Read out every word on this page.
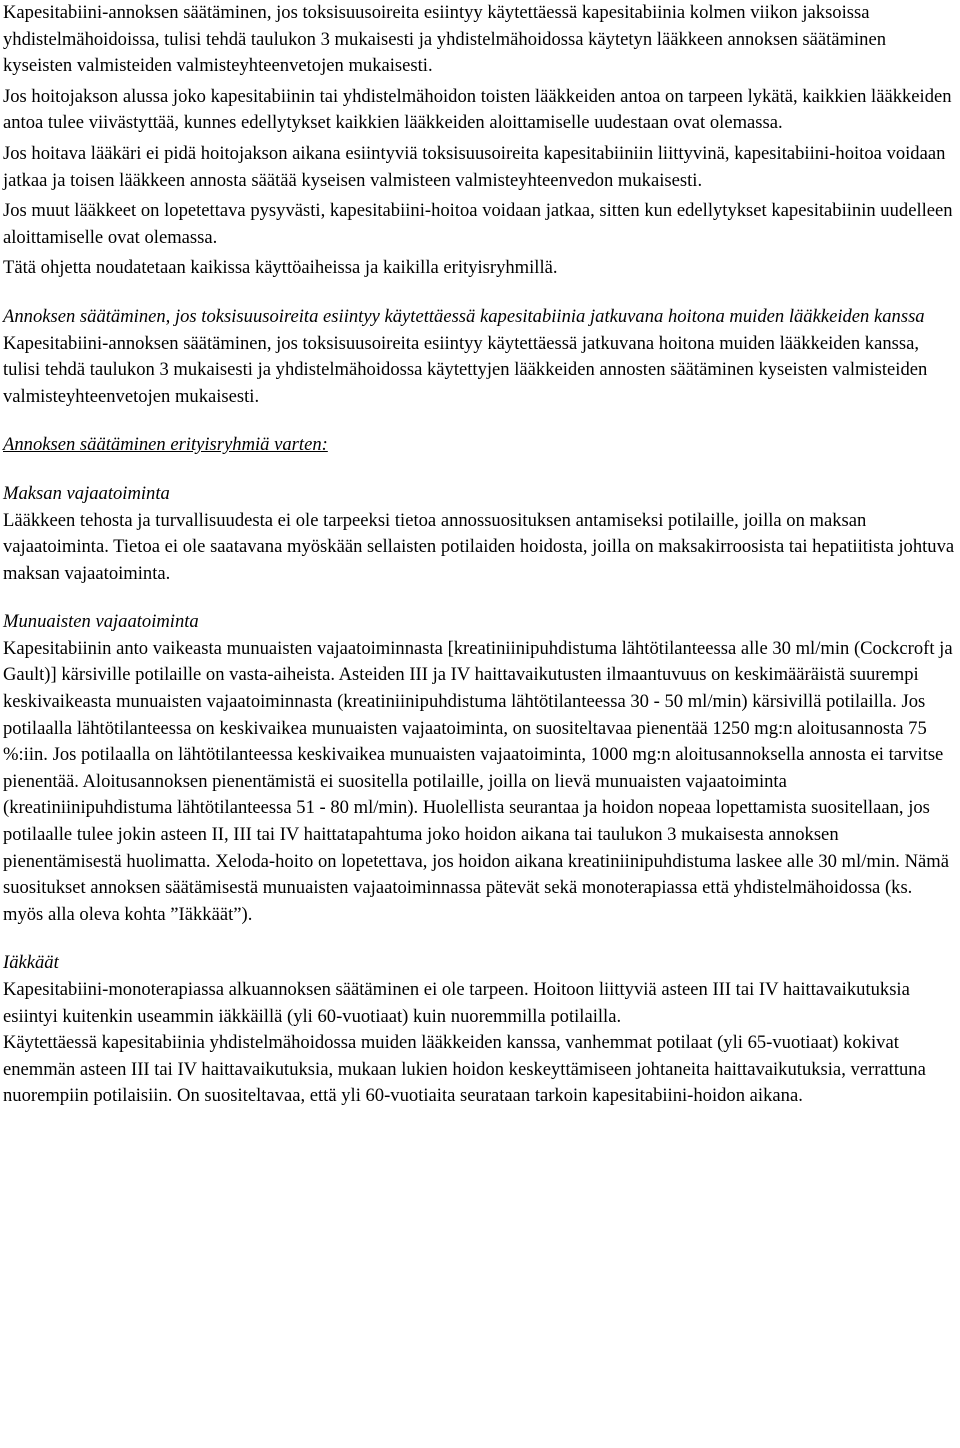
Kapesitabiini-annoksen säätäminen, jos toksisuusoireita esiintyy käytettäessä kapesitabiinia kolmen viikon jaksoissa yhdistelmähoidoissa, tulisi tehdä taulukon 3 mukaisesti ja yhdistelmähoidossa käytetyn lääkkeen annoksen säätäminen kyseisten valmisteiden valmisteyhteenvetojen mukaisesti.

Jos hoitojakson alussa joko kapesitabiinin tai yhdistelmähoidon toisten lääkkeiden antoa on tarpeen lykätä, kaikkien lääkkeiden antoa tulee viivästyttää, kunnes edellytykset kaikkien lääkkeiden aloittamiselle uudestaan ovat olemassa.

Jos hoitava lääkäri ei pidä hoitojakson aikana esiintyviä toksisuusoireita kapesitabiiniin liittyvinä, kapesitabiini-hoitoa voidaan jatkaa ja toisen lääkkeen annosta säätää kyseisen valmisteen valmisteyhteenvedon mukaisesti.

Jos muut lääkkeet on lopetettava pysyvästi, kapesitabiini-hoitoa voidaan jatkaa, sitten kun edellytykset kapesitabiinin uudelleen aloittamiselle ovat olemassa.

Tätä ohjetta noudatetaan kaikissa käyttöaiheissa ja kaikilla erityisryhmillä.

Annoksen säätäminen, jos toksisuusoireita esiintyy käytettäessä kapesitabiinia jatkuvana hoitona muiden lääkkeiden kanssa

Kapesitabiini-annoksen säätäminen, jos toksisuusoireita esiintyy käytettäessä jatkuvana hoitona muiden lääkkeiden kanssa, tulisi tehdä taulukon 3 mukaisesti ja yhdistelmähoidossa käytettyjen lääkkeiden annosten säätäminen kyseisten valmisteiden valmisteyhteenvetojen mukaisesti.

Annoksen säätäminen erityisryhmiä varten:

Maksan vajaatoiminta

Lääkkeen tehosta ja turvallisuudesta ei ole tarpeeksi tietoa annossuosituksen antamiseksi potilaille, joilla on maksan vajaatoiminta. Tietoa ei ole saatavana myöskään sellaisten potilaiden hoidosta, joilla on maksakirroosista tai hepatiitista johtuva maksan vajaatoiminta.

Munuaisten vajaatoiminta

Kapesitabiinin anto vaikeasta munuaisten vajaatoiminnasta [kreatiniinipuhdistuma lähtötilanteessa alle 30 ml/min (Cockcroft ja Gault)] kärsiville potilaille on vasta-aiheista. Asteiden III ja IV haittavaikutusten ilmaantuvuus on keskimääräistä suurempi keskivaikeasta munuaisten vajaatoiminnasta (kreatiniinipuhdistuma lähtötilanteessa 30 - 50 ml/min) kärsivillä potilailla. Jos potilaalla lähtötilanteessa on keskivaikea munuaisten vajaatoiminta, on suositeltavaa pienentää 1250 mg:n aloitusannosta 75 %:iin. Jos potilaalla on lähtötilanteessa keskivaikea munuaisten vajaatoiminta, 1000 mg:n aloitusannoksella annosta ei tarvitse pienentää. Aloitusannoksen pienentämistä ei suositella potilaille, joilla on lievä munuaisten vajaatoiminta (kreatiniinipuhdistuma lähtötilanteessa 51 - 80 ml/min). Huolellista seurantaa ja hoidon nopeaa lopettamista suositellaan, jos potilaalle tulee jokin asteen II, III tai IV haittatapahtuma joko hoidon aikana tai taulukon 3 mukaisesta annoksen pienentämisestä huolimatta. Xeloda-hoito on lopetettava, jos hoidon aikana kreatiniinipuhdistuma laskee alle 30 ml/min. Nämä suositukset annoksen säätämisestä munuaisten vajaatoiminnassa pätevät sekä monoterapiassa että yhdistelmähoidossa (ks. myös alla oleva kohta ”Iäkkäät”).

Iäkkäät

Kapesitabiini-monoterapiassa alkuannoksen säätäminen ei ole tarpeen. Hoitoon liittyviä asteen III tai IV haittavaikutuksia esiintyi kuitenkin useammin iäkkäillä (yli 60-vuotiaat) kuin nuoremmilla potilailla.

Käytettäessä kapesitabiinia yhdistelmähoidossa muiden lääkkeiden kanssa, vanhemmat potilaat (yli 65-vuotiaat) kokivat enemmän asteen III tai IV haittavaikutuksia, mukaan lukien hoidon keskeyttämiseen johtaneita haittavaikutuksia, verrattuna nuorempiin potilaisiin. On suositeltavaa, että yli 60-vuotiaita seurataan tarkoin kapesitabiini-hoidon aikana.
